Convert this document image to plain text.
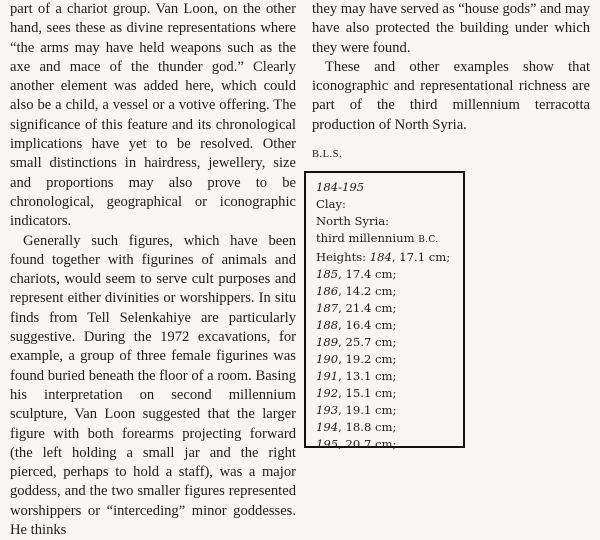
part of a chariot group. Van Loon, on the other hand, sees these as divine representations where “the arms may have held weapons such as the axe and mace of the thunder god.” Clearly another element was added here, which could also be a child, a vessel or a votive offering. The significance of this feature and its chronological implications have yet to be resolved. Other small distinctions in hairdress, jewellery, size and proportions may also prove to be chronological, geographical or iconographic indicators.

Generally such figures, which have been found together with figurines of animals and chariots, would seem to serve cult purposes and represent either divinities or worshippers. In situ finds from Tell Selenkahiye are particularly suggestive. During the 1972 excavations, for example, a group of three female figurines was found buried beneath the floor of a room. Basing his interpretation on second millennium sculpture, Van Loon suggested that the larger figure with both forearms projecting forward (the left holding a small jar and the right pierced, perhaps to hold a staff), was a major goddess, and the two smaller figures represented worshippers or “interceding” minor goddesses. He thinks

they may have served as “house gods” and may have also protected the building under which they were found.

These and other examples show that iconographic and representational richness are part of the third millennium terracotta production of North Syria.

B.L.S.

184-195
Clay:
North Syria:
third millennium B.C.
Heights: 184, 17.1 cm;
185, 17.4 cm;
186, 14.2 cm;
187, 21.4 cm;
188, 16.4 cm;
189, 25.7 cm;
190, 19.2 cm;
191, 13.1 cm;
192, 15.1 cm;
193, 19.1 cm;
194, 18.8 cm;
195, 20.7 cm;
